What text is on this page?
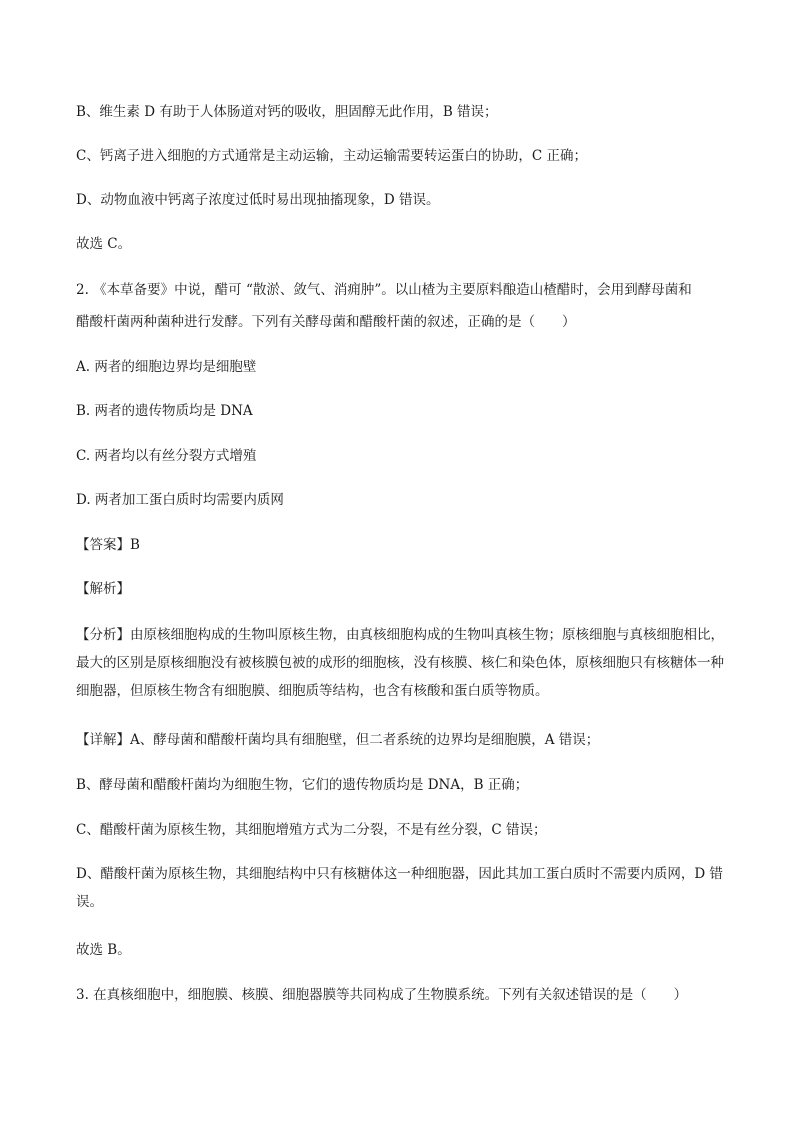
B、维生素 D 有助于人体肠道对钙的吸收，胆固醇无此作用，B 错误；
C、钙离子进入细胞的方式通常是主动运输，主动运输需要转运蛋白的协助，C 正确；
D、动物血液中钙离子浓度过低时易出现抽搐现象，D 错误。
故选 C。
2. 《本草备要》中说，醋可 “散淤、敛气、消痈肿”。以山楂为主要原料酿造山楂醋时，会用到酵母菌和
醋酸杆菌两种菌种进行发酵。下列有关酵母菌和醋酸杆菌的叙述，正确的是（　　）
A. 两者的细胞边界均是细胞壁
B. 两者的遗传物质均是 DNA
C. 两者均以有丝分裂方式增殖
D. 两者加工蛋白质时均需要内质网
【答案】B
【解析】
【分析】由原核细胞构成的生物叫原核生物，由真核细胞构成的生物叫真核生物；原核细胞与真核细胞相比，最大的区别是原核细胞没有被核膜包被的成形的细胞核，没有核膜、核仁和染色体，原核细胞只有核糖体一种细胞器，但原核生物含有细胞膜、细胞质等结构，也含有核酸和蛋白质等物质。
【详解】A、酵母菌和醋酸杆菌均具有细胞壁，但二者系统的边界均是细胞膜，A 错误；
B、酵母菌和醋酸杆菌均为细胞生物，它们的遗传物质均是 DNA，B 正确；
C、醋酸杆菌为原核生物，其细胞增殖方式为二分裂，不是有丝分裂，C 错误；
D、醋酸杆菌为原核生物，其细胞结构中只有核糖体这一种细胞器，因此其加工蛋白质时不需要内质网，D 错误。
故选 B。
3. 在真核细胞中，细胞膜、核膜、细胞器膜等共同构成了生物膜系统。下列有关叙述错误的是（　　）
